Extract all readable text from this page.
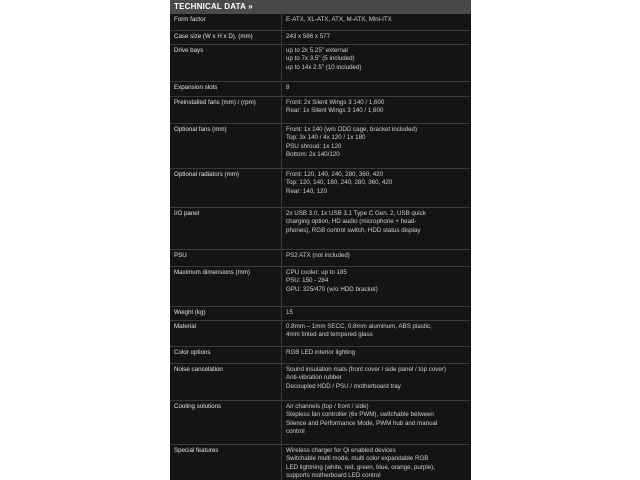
TECHNICAL DATA »
Form factor	E-ATX, XL-ATX, ATX, M-ATX, Mini-ITX
Case size (W x H x D), (mm)	243 x 586 x 577
Drive bays	up to 2x 5.25" external
up to 7x 3.5" (5 included)
up to 14x 2.5" (10 included)
Expansion slots	8
Preinstalled fans (mm) / (rpm)	Front: 2x Silent Wings 3 140 / 1,600
Rear: 1x Silent Wings 3 140 / 1,600
Optional fans (mm)	Front: 1x 140 (w/o ODD cage, bracket included)
Top: 3x 140 / 4x 120 / 1x 180
PSU shroud: 1x 120
Bottom: 2x 140/120
Optional radiators (mm)	Front: 120, 140, 240, 280, 360, 420
Top: 120, 140, 180, 240, 280, 360, 420
Rear: 140, 120
I/O panel	2x USB 3.0, 1x USB 3.1 Type C Gen. 2, USB quick
charging option, HD audio (microphone + head-
phones), RGB control switch, HDD status display
PSU	PS2 ATX (not included)
Maximum dimensions (mm)	CPU cooler: up to 185
PSU: 150 - 284
GPU: 325/470 (w/o HDD bracket)
Weight (kg)	15
Material	0.8mm – 1mm SECC, 0.8mm aluminum, ABS plastic,
4mm tinted and tempered glass
Color options	RGB LED interior lighting
Noise cancelation	Sound insulation mats (front cover / side panel / top cover)
Anti-vibration rubber
Decoupled HDD / PSU / motherboard tray
Cooling solutions	Air channels (top / front / side)
Stepless fan controller (6x PWM), switchable between
Silence and Performance Mode, PWM hub and manual
control
Special features	Wireless charger for Qi enabled devices
Switchable multi mode, multi color expandable RGB
LED lightning (white, red, green, blue, orange, purple),
supports motherboard LED control
